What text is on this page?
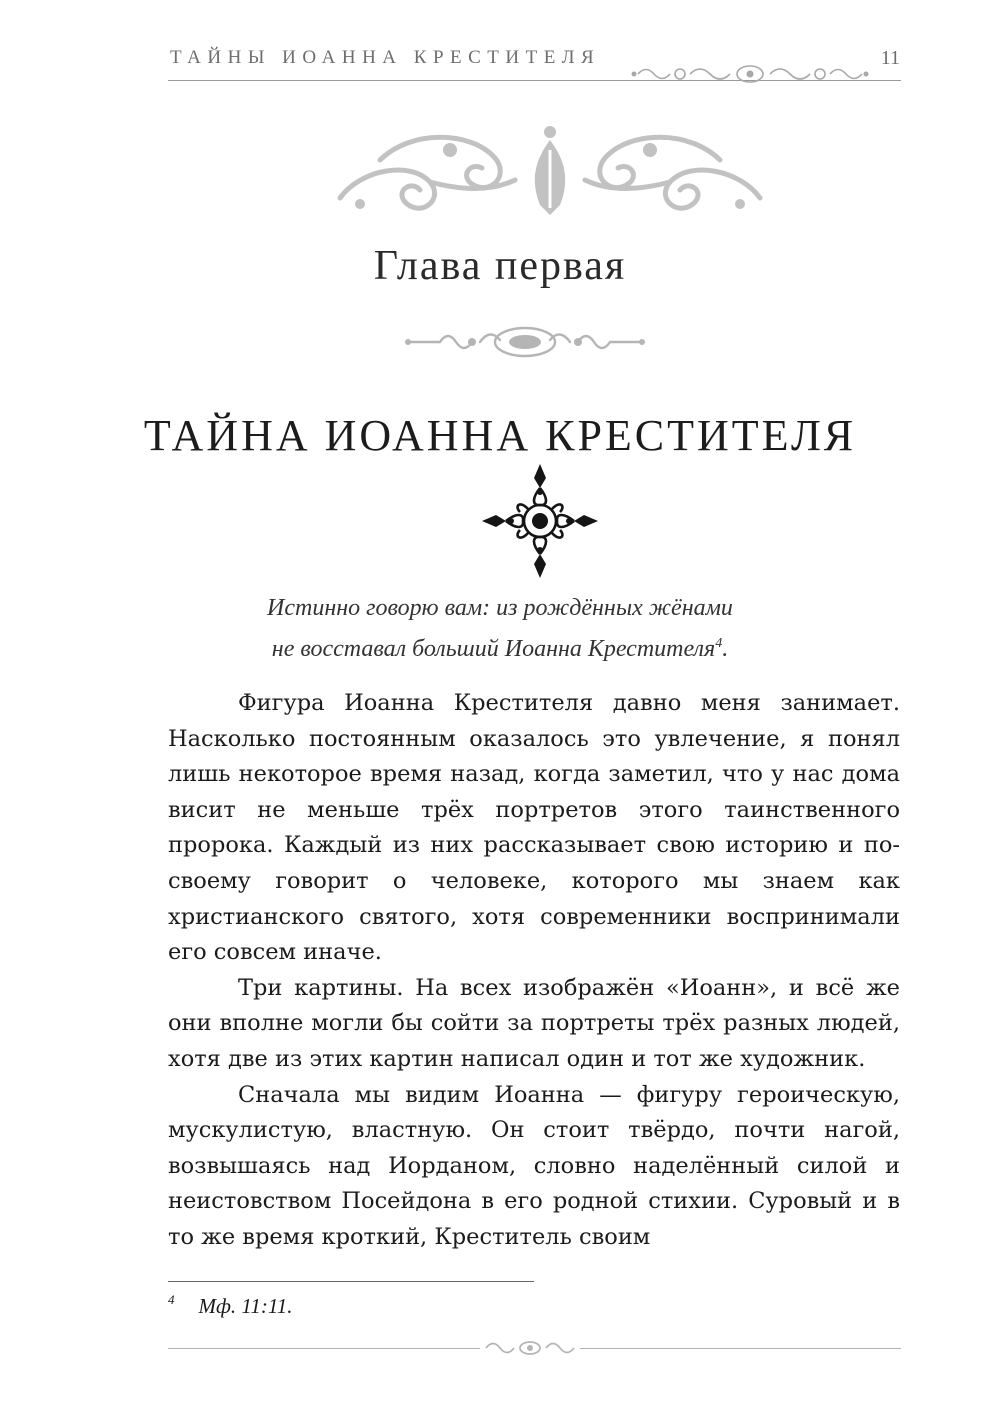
ТАЙНЫ ИОАННА КРЕСТИТЕЛЯ	11
Глава первая
ТАЙНА ИОАННА КРЕСТИТЕЛЯ
Истинно говорю вам: из рождённых жёнами
не восставал больший Иоанна Крестителя$^4$.

Фигура Иоанна Крестителя давно меня занимает. Насколько постоянным оказалось это увлечение, я понял лишь некоторое время назад, когда заметил, что у нас дома висит не меньше трёх портретов этого таинственного пророка. Каждый из них рассказывает свою историю и по-своему говорит о человеке, которого мы знаем как христианского святого, хотя современники воспринимали его совсем иначе.

Три картины. На всех изображён «Иоанн», и всё же они вполне могли бы сойти за портреты трёх разных людей, хотя две из этих картин написал один и тот же художник.

Сначала мы видим Иоанна — фигуру героическую, мускулистую, властную. Он стоит твёрдо, почти нагой, возвышаясь над Иорданом, словно наделённый силой и неистовством Посейдона в его родной стихии. Суровый и в то же время кроткий, Креститель своим

$^4$ Мф. 11:11.
